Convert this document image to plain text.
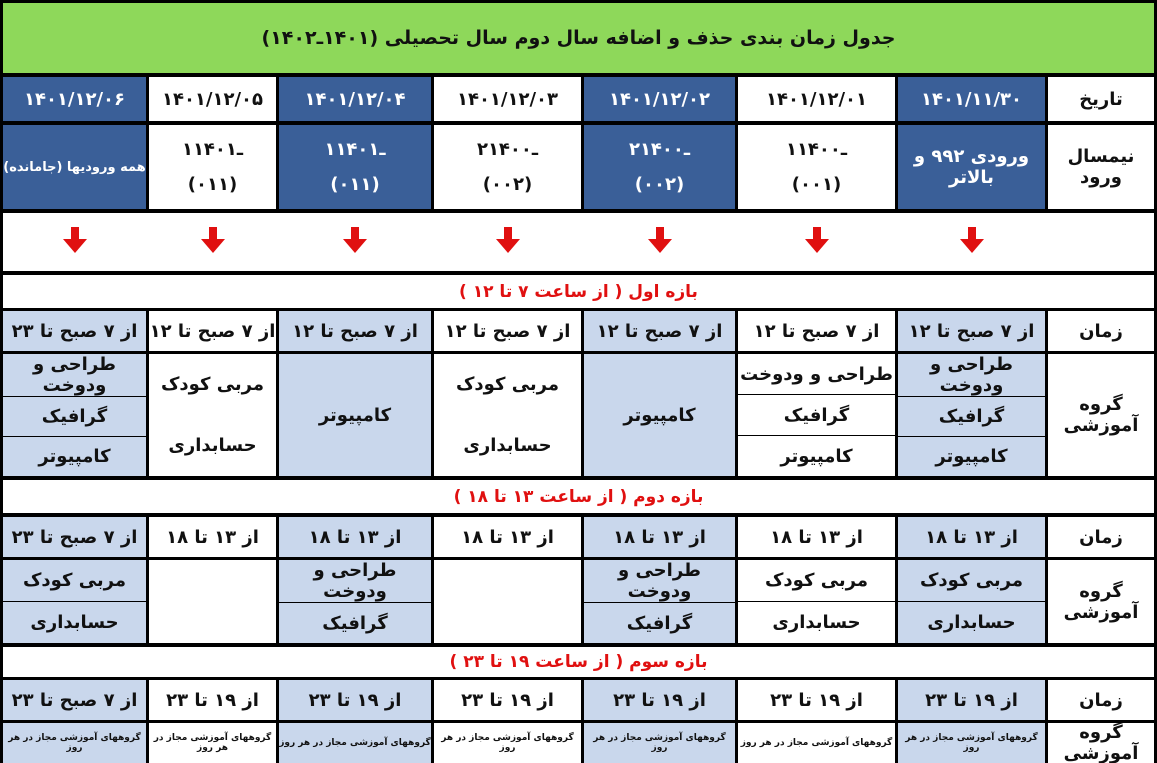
جدول زمان بندی حذف و اضافه سال دوم سال تحصیلی (۱۴۰۱ـ۱۴۰۲)
تاریخ
۱۴۰۱/۱۱/۳۰
۱۴۰۱/۱۲/۰۱
۱۴۰۱/۱۲/۰۲
۱۴۰۱/۱۲/۰۳
۱۴۰۱/۱۲/۰۴
۱۴۰۱/۱۲/۰۵
۱۴۰۱/۱۲/۰۶
نیمسال ورود
ورودی ۹۹۲ و بالاتر
۱ـ۱۴۰۰
(۰۰۱)
۲ـ۱۴۰۰
(۰۰۲)
۲ـ۱۴۰۰
(۰۰۲)
۱ـ۱۴۰۱
(۰۱۱)
۱ـ۱۴۰۱
(۰۱۱)
همه ورودیها (جامانده)
بازه اول ( از ساعت ۷ تا ۱۲ )
زمان
از ۷ صبح تا ۱۲
از ۷ صبح تا ۱۲
از ۷ صبح تا ۱۲
از ۷ صبح تا ۱۲
از ۷ صبح تا ۱۲
از ۷ صبح تا ۱۲
از ۷ صبح تا ۲۳
گروه آموزشی
طراحی و ودوخت
گرافیک
کامپیوتر
طراحی و ودوخت
گرافیک
کامپیوتر
کامپیوتر
مربی کودک
حسابداری
کامپیوتر
مربی کودک
حسابداری
طراحی و ودوخت
گرافیک
کامپیوتر
بازه دوم ( از ساعت ۱۳ تا ۱۸ )
زمان
از ۱۳ تا ۱۸
از ۱۳ تا ۱۸
از ۱۳ تا ۱۸
از ۱۳ تا ۱۸
از ۱۳ تا ۱۸
از ۱۳ تا ۱۸
از ۷ صبح تا ۲۳
گروه آموزشی
مربی کودک
حسابداری
مربی کودک
حسابداری
طراحی و ودوخت
گرافیک
طراحی و ودوخت
گرافیک
مربی کودک
حسابداری
بازه سوم ( از ساعت ۱۹ تا ۲۳ )
زمان
از ۱۹ تا ۲۳
از ۱۹ تا ۲۳
از ۱۹ تا ۲۳
از ۱۹ تا ۲۳
از ۱۹ تا ۲۳
از ۱۹ تا ۲۳
از ۷ صبح تا ۲۳
گروه آموزشی
گروههای آموزشی مجاز در هر روز
گروههای آموزشی مجاز در هر روز
گروههای آموزشی مجاز در هر روز
گروههای آموزشی مجاز در هر روز
گروههای آموزشی مجاز در هر روز
گروههای آموزشی مجاز در هر روز
گروههای آموزشی مجاز در هر روز
